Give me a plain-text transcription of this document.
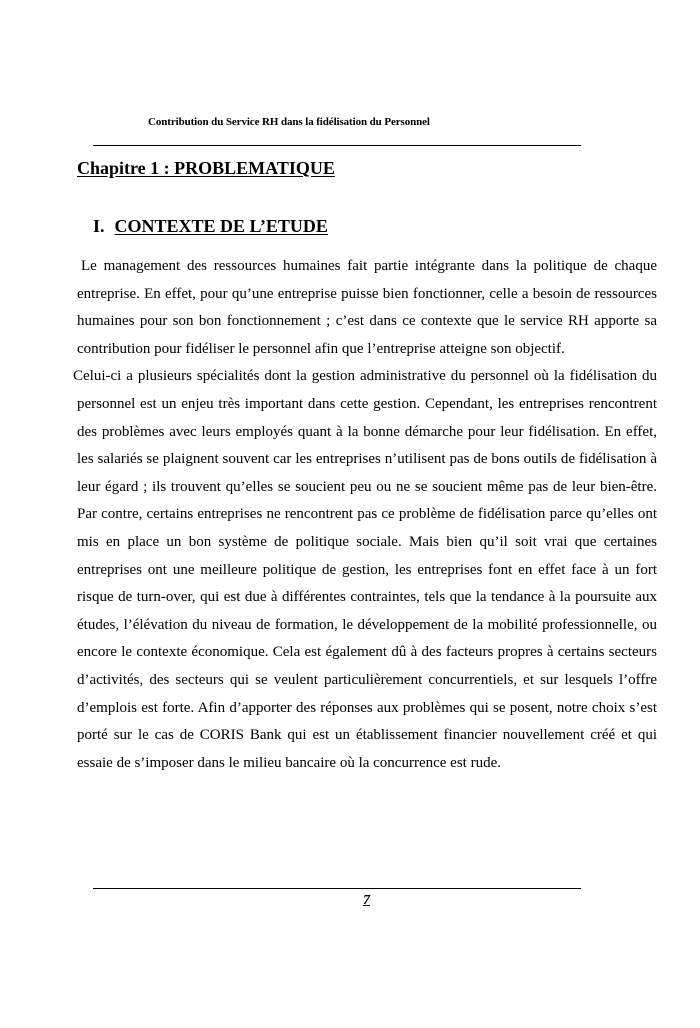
Contribution du Service RH dans la fidélisation du Personnel
Chapitre 1 : PROBLEMATIQUE
I. CONTEXTE DE L’ETUDE

Le management des ressources humaines fait partie intégrante dans la politique de chaque entreprise. En effet, pour qu’une entreprise puisse bien fonctionner, celle a besoin de ressources humaines pour son bon fonctionnement ; c’est dans ce contexte que le service RH apporte sa contribution pour fidéliser le personnel afin que l’entreprise atteigne son objectif.

Celui-ci a plusieurs spécialités dont la gestion administrative du personnel où la fidélisation du personnel est un enjeu très important dans cette gestion. Cependant, les entreprises rencontrent des problèmes avec leurs employés quant à la bonne démarche pour leur fidélisation. En effet, les salariés se plaignent souvent car les entreprises n’utilisent pas de bons outils de fidélisation à leur égard ; ils trouvent qu’elles se soucient peu ou ne se soucient même pas de leur bien-être. Par contre, certains entreprises ne rencontrent pas ce problème de fidélisation parce qu’elles ont mis en place un bon système de politique sociale. Mais bien qu’il soit vrai que certaines entreprises ont une meilleure politique de gestion, les entreprises font en effet face à un fort risque de turn-over, qui est due à différentes contraintes, tels que la tendance à la poursuite aux études, l’élévation du niveau de formation, le développement de la mobilité professionnelle, ou encore le contexte économique. Cela est également dû à des facteurs propres à certains secteurs d’activités, des secteurs qui se veulent particulièrement concurrentiels, et sur lesquels l’offre d’emplois est forte. Afin d’apporter des réponses aux problèmes qui se posent, notre choix s’est porté sur le cas de CORIS Bank qui est un établissement financier nouvellement créé et qui essaie de s’imposer dans le milieu bancaire où la concurrence est rude.

7
